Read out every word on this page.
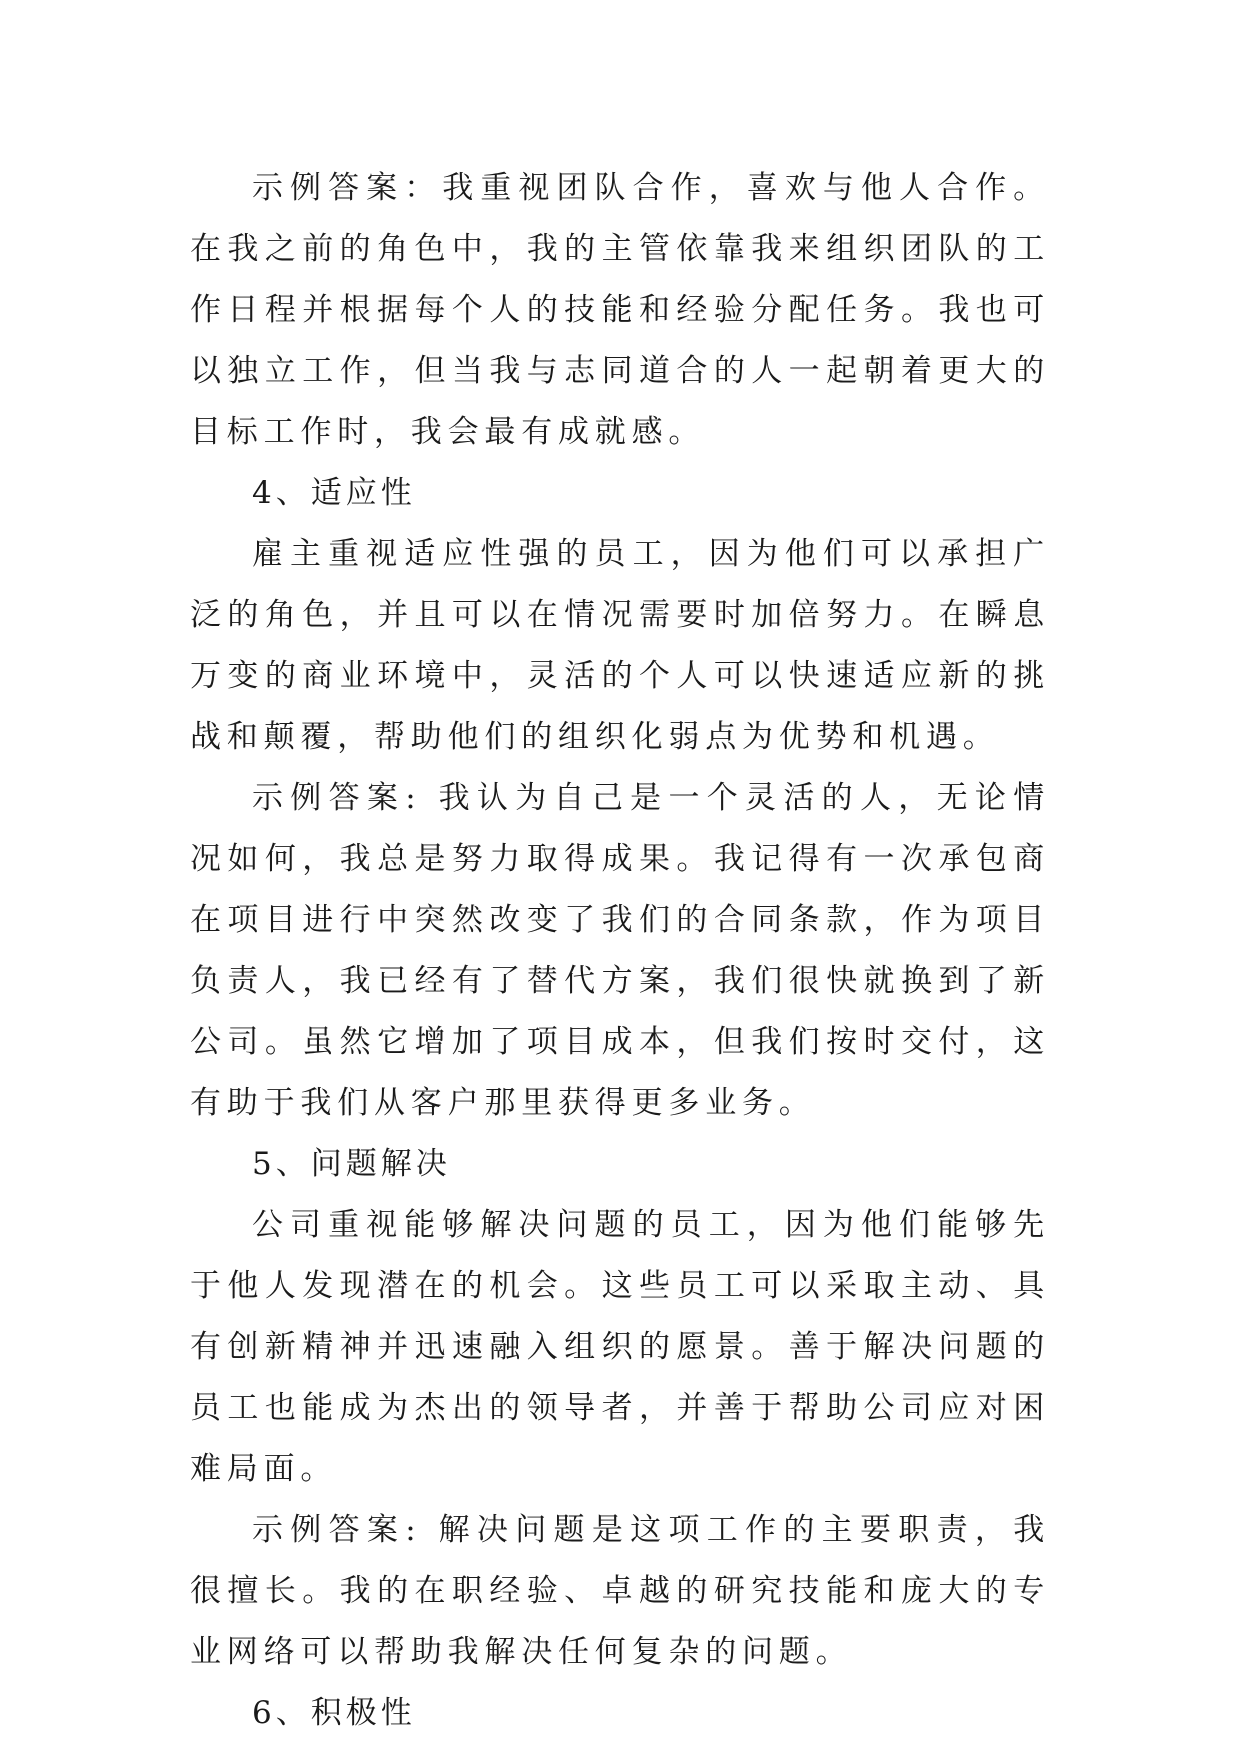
示例答案：我重视团队合作，喜欢与他人合作。在我之前的角色中，我的主管依靠我来组织团队的工作日程并根据每个人的技能和经验分配任务。我也可以独立工作，但当我与志同道合的人一起朝着更大的目标工作时，我会最有成就感。

4、适应性

雇主重视适应性强的员工，因为他们可以承担广泛的角色，并且可以在情况需要时加倍努力。在瞬息万变的商业环境中，灵活的个人可以快速适应新的挑战和颠覆，帮助他们的组织化弱点为优势和机遇。

示例答案: 我认为自己是一个灵活的人，无论情况如何，我总是努力取得成果。我记得有一次承包商在项目进行中突然改变了我们的合同条款，作为项目负责人，我已经有了替代方案，我们很快就换到了新公司。虽然它增加了项目成本，但我们按时交付，这有助于我们从客户那里获得更多业务。

5、问题解决

公司重视能够解决问题的员工，因为他们能够先于他人发现潜在的机会。这些员工可以采取主动、具有创新精神并迅速融入组织的愿景。善于解决问题的员工也能成为杰出的领导者，并善于帮助公司应对困难局面。

示例答案: 解决问题是这项工作的主要职责，我很擅长。我的在职经验、卓越的研究技能和庞大的专业网络可以帮助我解决任何复杂的问题。

6、积极性
